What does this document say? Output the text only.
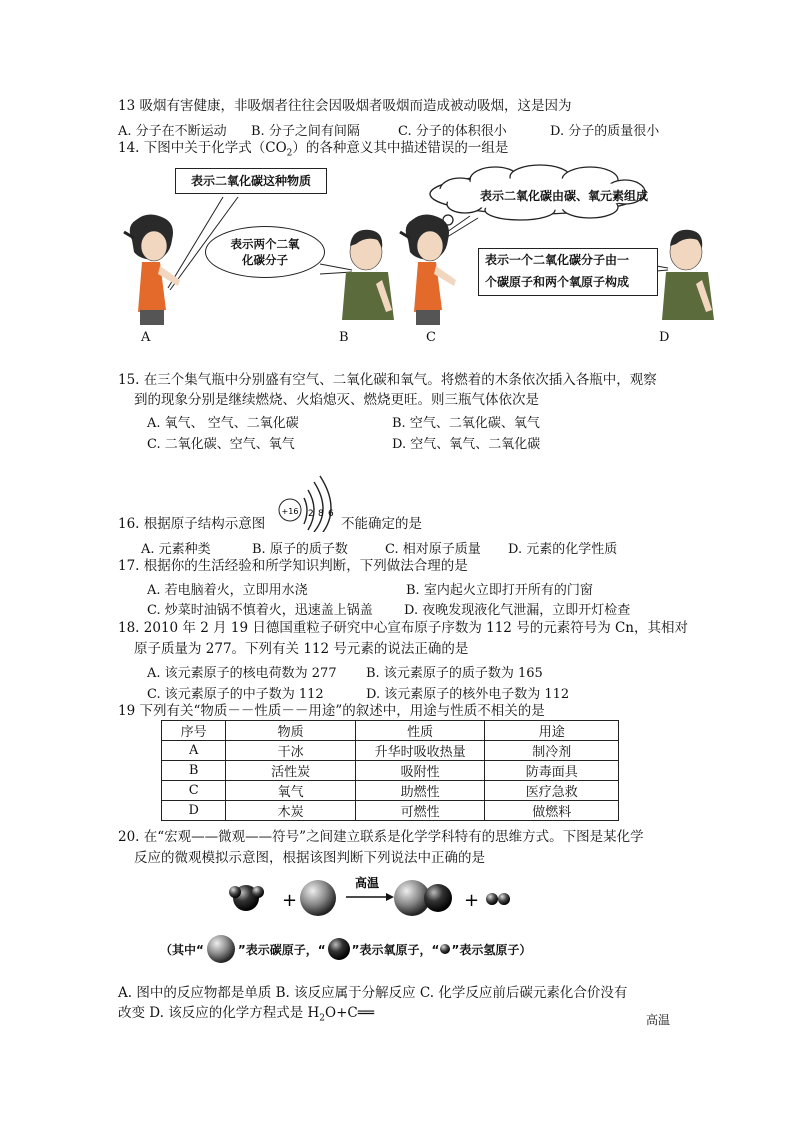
13 吸烟有害健康，非吸烟者往往会因吸烟者吸烟而造成被动吸烟，这是因为
A. 分子在不断运动 B. 分子之间有间隔	C. 分子的体积很小	D. 分子的质量很小
14. 下图中关于化学式$(CO_2)$的各种意义其中描述错误的一组是
表示二氧化碳这种物质
表示两个二氧
化碳分子
表示二氧化碳由碳、氧元素组成
表示一个二氧化碳分子由一
个碳原子和两个氧原子构成
A	B	C	D
15. 在三个集气瓶中分别盛有空气、二氧化碳和氧气。将燃着的木条依次插入各瓶中，观察
到的现象分别是继续燃烧、火焰熄灭、燃烧更旺。则三瓶气体依次是
A. 氧气、 空气、二氧化碳	B. 空气、二氧化碳、氧气
C. 二氧化碳、空气、氧气	D. 空气、氧气、二氧化碳
16. 根据原子结构示意图
+16 2 8 6
不能确定的是
A. 元素种类	B. 原子的质子数	C. 相对原子质量 D. 元素的化学性质
17. 根据你的生活经验和所学知识判断，下列做法合理的是
A. 若电脑着火，立即用水浇	B. 室内起火立即打开所有的门窗
C. 炒菜时油锅不慎着火，迅速盖上锅盖 D. 夜晚发现液化气泄漏，立即开灯检查
18. 2010 年 2 月 19 日德国重粒子研究中心宣布原子序数为 112 号的元素符号为 Cn，其相对
原子质量为 277。下列有关 112 号元素的说法正确的是
A. 该元素原子的核电荷数为 277 B. 该元素原子的质子数为 165
C. 该元素原子的中子数为 112	D. 该元素原子的核外电子数为 112
19 下列有关“物质－－性质－－用途”的叙述中，用途与性质不相关的是
序号	物质	性质	用途
A	干冰	升华时吸收热量	制冷剂
B	活性炭	吸附性	防毒面具
C	氧气	助燃性	医疗急救
D	木炭	可燃性	做燃料
20. 在“宏观——微观——符号”之间建立联系是化学学科特有的思维方式。下图是某化学
反应的微观模拟示意图，根据该图判断下列说法中正确的是
+
高温
+
（其中“	”表示碳原子，“ ”表示氧原子，“ ”表示氢原子）
A. 图中的反应物都是单质 B. 该反应属于分解反应 C. 化学反应前后碳元素化合价没有
改变 D. 该反应的化学方程式是 $H_2O+C══$	高温
